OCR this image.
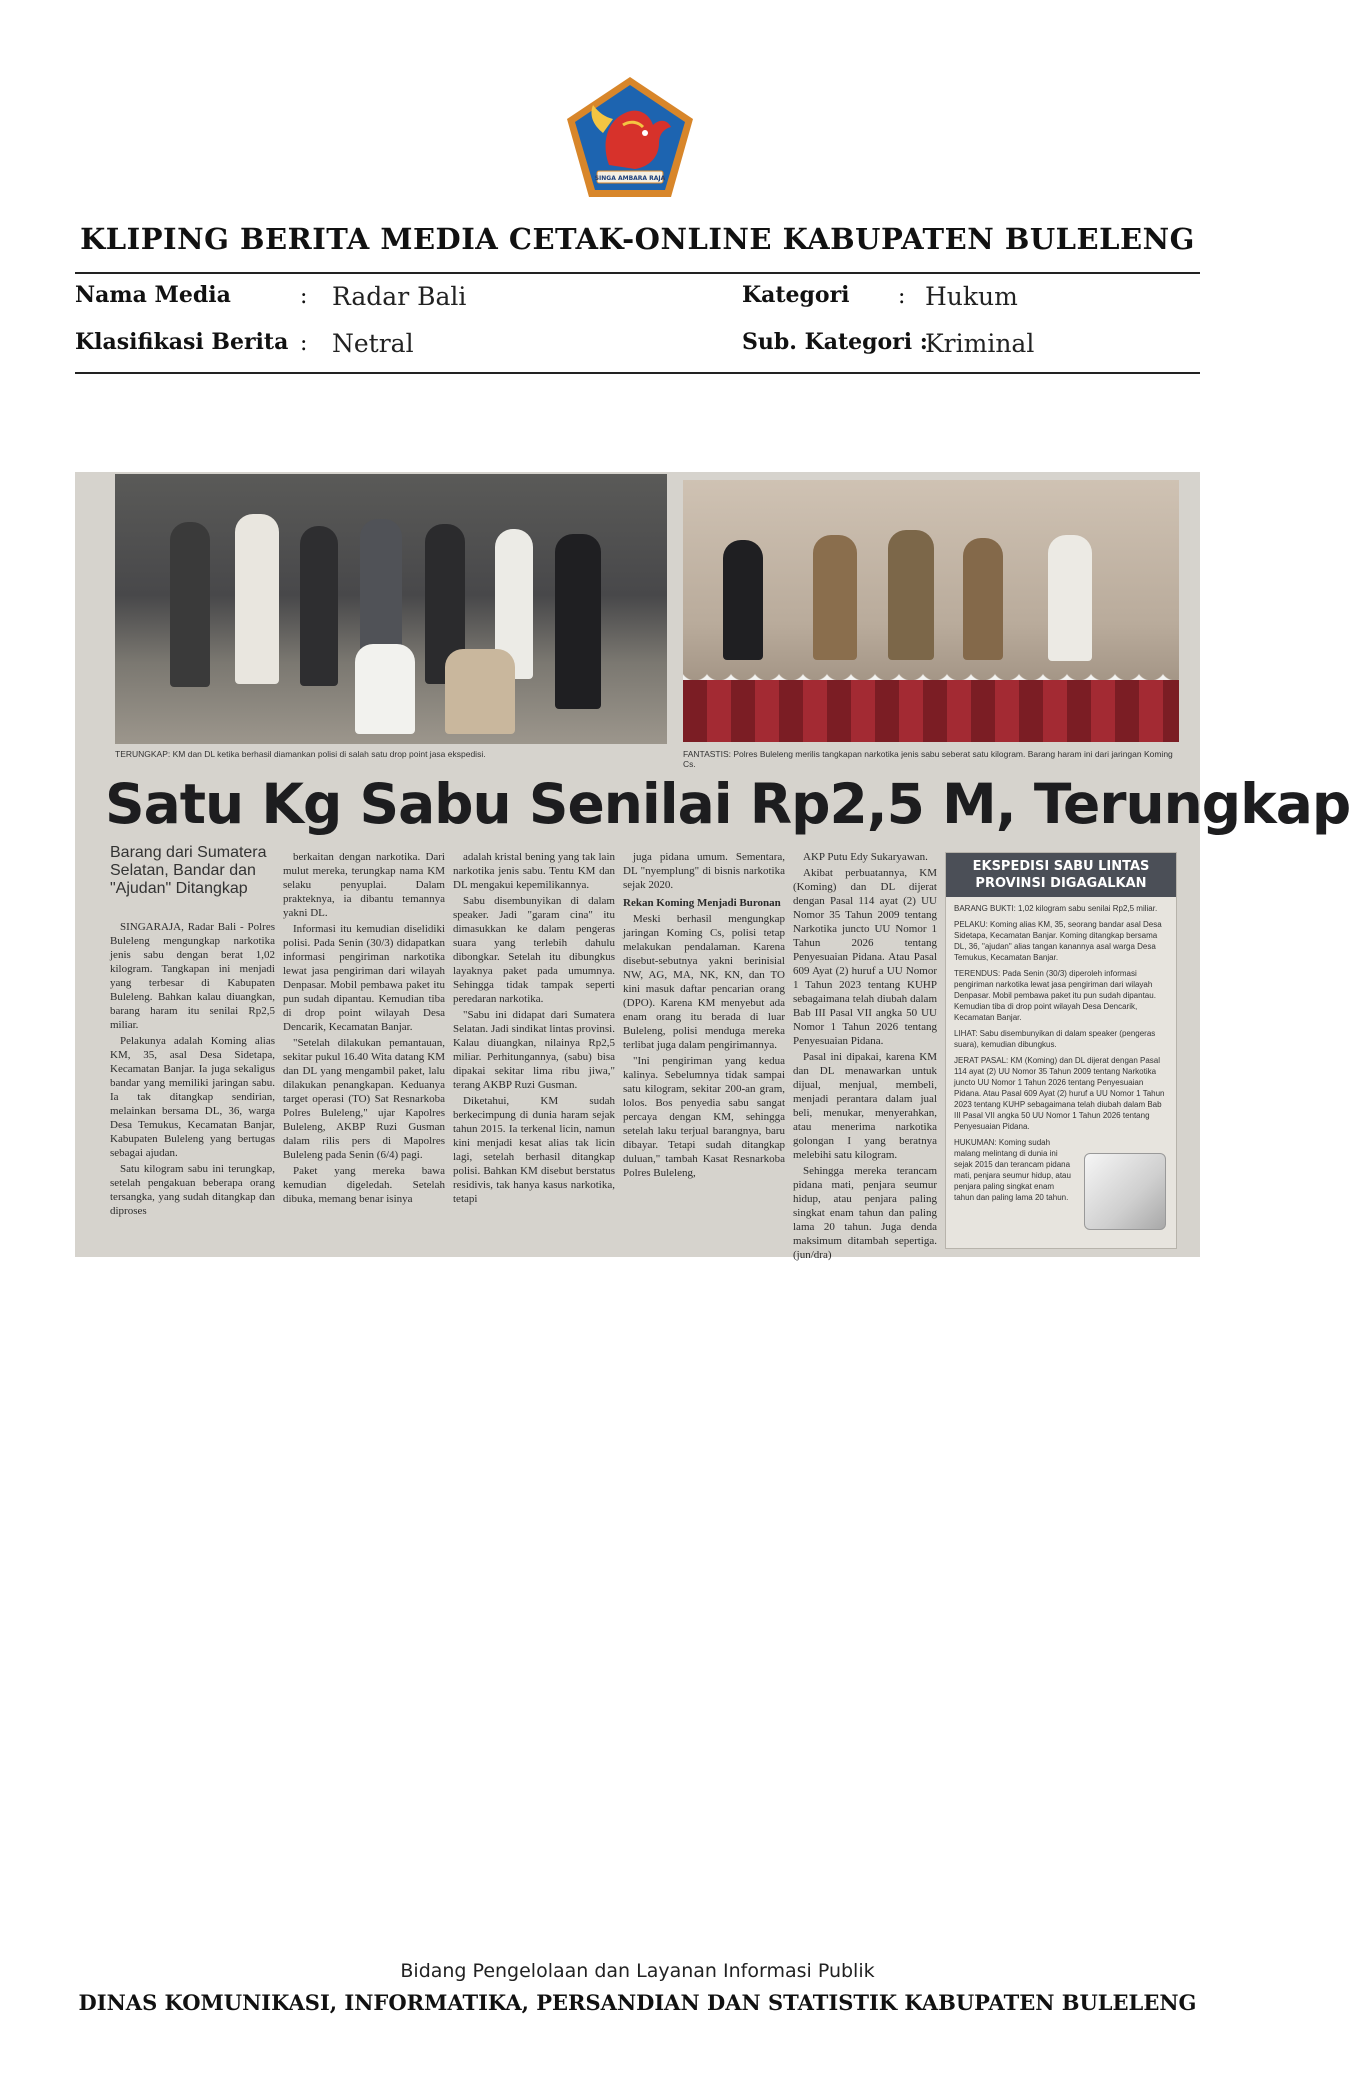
SINGA AMBARA RAJA
KLIPING BERITA MEDIA CETAK-ONLINE KABUPATEN BULELENG
Nama Media	: Radar Bali	Kategori : Hukum
Klasifikasi Berita : Netral	Sub. Kategori :
Kriminal
TERUNGKAP: KM dan DL ketika berhasil diamankan polisi di salah satu drop point jasa ekspedisi.	FANTASTIS: Polres Buleleng merilis tangkapan narkotika jenis sabu seberat satu kilogram. Barang haram ini dari jaringan Koming Cs.
Satu Kg Sabu Senilai Rp2,5 M, Terungkap
Barang dari Sumatera Selatan, Bandar dan "Ajudan" Ditangkap

SINGARAJA, Radar Bali - Polres Buleleng mengungkap narkotika jenis sabu dengan berat 1,02 kilogram. Tangkapan ini menjadi yang terbesar di Kabupaten Buleleng. Bahkan kalau diuangkan, barang haram itu senilai Rp2,5 miliar.

Pelakunya adalah Koming alias KM, 35, asal Desa Sidetapa, Kecamatan Banjar. Ia juga sekaligus bandar yang memiliki jaringan sabu. Ia tak ditangkap sendirian, melainkan bersama DL, 36, warga Desa Temukus, Kecamatan Banjar, Kabupaten Buleleng yang bertugas sebagai ajudan.

Satu kilogram sabu ini terungkap, setelah pengakuan beberapa orang tersangka, yang sudah ditangkap dan diproses

berkaitan dengan narkotika. Dari mulut mereka, terungkap nama KM selaku penyuplai. Dalam prakteknya, ia dibantu temannya yakni DL.

Informasi itu kemudian diselidiki polisi. Pada Senin (30/3) didapatkan informasi pengiriman narkotika lewat jasa pengiriman dari wilayah Denpasar. Mobil pembawa paket itu pun sudah dipantau. Kemudian tiba di drop point wilayah Desa Dencarik, Kecamatan Banjar.

"Setelah dilakukan pemantauan, sekitar pukul 16.40 Wita datang KM dan DL yang mengambil paket, lalu dilakukan penangkapan. Keduanya target operasi (TO) Sat Resnarkoba Polres Buleleng," ujar Kapolres Buleleng, AKBP Ruzi Gusman dalam rilis pers di Mapolres Buleleng pada Senin (6/4) pagi.

Paket yang mereka bawa kemudian digeledah. Setelah dibuka, memang benar isinya

adalah kristal bening yang tak lain narkotika jenis sabu. Tentu KM dan DL mengakui kepemilikannya.

Sabu disembunyikan di dalam speaker. Jadi "garam cina" itu dimasukkan ke dalam pengeras suara yang terlebih dahulu dibongkar. Setelah itu dibungkus layaknya paket pada umumnya. Sehingga tidak tampak seperti peredaran narkotika.

"Sabu ini didapat dari Sumatera Selatan. Jadi sindikat lintas provinsi. Kalau diuangkan, nilainya Rp2,5 miliar. Perhitungannya, (sabu) bisa dipakai sekitar lima ribu jiwa," terang AKBP Ruzi Gusman.

Diketahui, KM sudah berkecimpung di dunia haram sejak tahun 2015. Ia terkenal licin, namun kini menjadi kesat alias tak licin lagi, setelah berhasil ditangkap polisi. Bahkan KM disebut berstatus residivis, tak hanya kasus narkotika, tetapi

juga pidana umum. Sementara, DL "nyemplung" di bisnis narkotika sejak 2020.

Rekan Koming Menjadi Buronan

Meski berhasil mengungkap jaringan Koming Cs, polisi tetap melakukan pendalaman. Karena disebut-sebutnya yakni berinisial NW, AG, MA, NK, KN, dan TO kini masuk daftar pencarian orang (DPO). Karena KM menyebut ada enam orang itu berada di luar Buleleng, polisi menduga mereka terlibat juga dalam pengirimannya.

"Ini pengiriman yang kedua kalinya. Sebelumnya tidak sampai satu kilogram, sekitar 200-an gram, lolos. Bos penyedia sabu sangat percaya dengan KM, sehingga setelah laku terjual barangnya, baru dibayar. Tetapi sudah ditangkap duluan," tambah Kasat Resnarkoba Polres Buleleng,

AKP Putu Edy Sukaryawan.

Akibat perbuatannya, KM (Koming) dan DL dijerat dengan Pasal 114 ayat (2) UU Nomor 35 Tahun 2009 tentang Narkotika juncto UU Nomor 1 Tahun 2026 tentang Penyesuaian Pidana. Atau Pasal 609 Ayat (2) huruf a UU Nomor 1 Tahun 2023 tentang KUHP sebagaimana telah diubah dalam Bab III Pasal VII angka 50 UU Nomor 1 Tahun 2026 tentang Penyesuaian Pidana.

Pasal ini dipakai, karena KM dan DL menawarkan untuk dijual, menjual, membeli, menjadi perantara dalam jual beli, menukar, menyerahkan, atau menerima narkotika golongan I yang beratnya melebihi satu kilogram.

Sehingga mereka terancam pidana mati, penjara seumur hidup, atau penjara paling singkat enam tahun dan paling lama 20 tahun. Juga denda maksimum ditambah sepertiga. (jun/dra)

EKSPEDISI SABU LINTAS PROVINSI DIGAGALKAN

BARANG BUKTI: 1,02 kilogram sabu senilai Rp2,5 miliar.

PELAKU: Koming alias KM, 35, seorang bandar asal Desa Sidetapa, Kecamatan Banjar. Koming ditangkap bersama DL, 36, "ajudan" alias tangan kanannya asal warga Desa Temukus, Kecamatan Banjar.

TERENDUS: Pada Senin (30/3) diperoleh informasi pengiriman narkotika lewat jasa pengiriman dari wilayah Denpasar. Mobil pembawa paket itu pun sudah dipantau. Kemudian tiba di drop point wilayah Desa Dencarik, Kecamatan Banjar.

LIHAT: Sabu disembunyikan di dalam speaker (pengeras suara), kemudian dibungkus.

JERAT PASAL: KM (Koming) dan DL dijerat dengan Pasal 114 ayat (2) UU Nomor 35 Tahun 2009 tentang Narkotika juncto UU Nomor 1 Tahun 2026 tentang Penyesuaian Pidana. Atau Pasal 609 Ayat (2) huruf a UU Nomor 1 Tahun 2023 tentang KUHP sebagaimana telah diubah dalam Bab III Pasal VII angka 50 UU Nomor 1 Tahun 2026 tentang Penyesuaian Pidana.

HUKUMAN: Koming sudah malang melintang di dunia ini sejak 2015 dan terancam pidana mati, penjara seumur hidup, atau penjara paling singkat enam tahun dan paling lama 20 tahun.

Bidang Pengelolaan dan Layanan Informasi Publik
DINAS KOMUNIKASI, INFORMATIKA, PERSANDIAN DAN STATISTIK KABUPATEN BULELENG
